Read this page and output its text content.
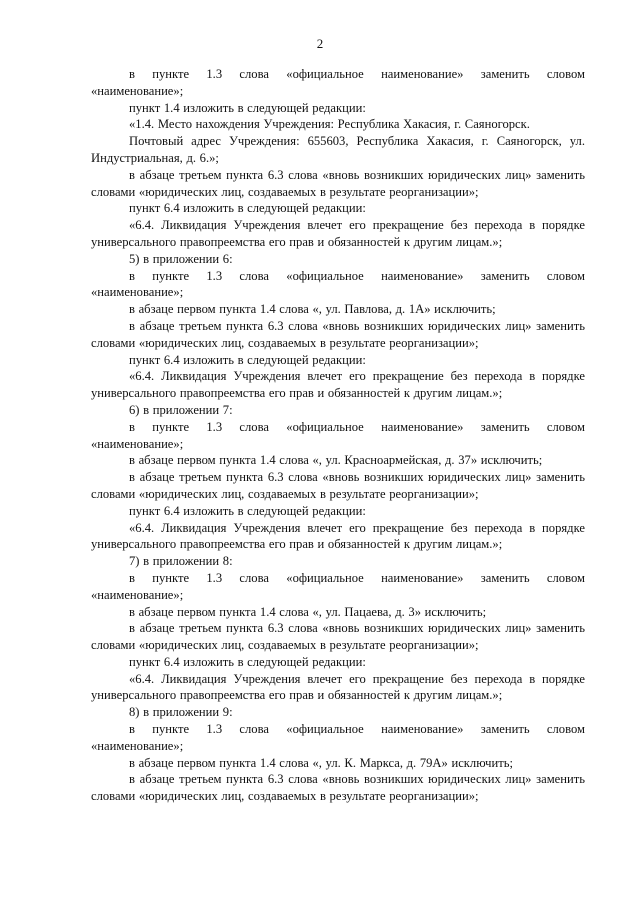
2

в пункте 1.3 слова «официальное наименование» заменить словом «наименование»;

пункт 1.4 изложить в следующей редакции:

«1.4. Место нахождения Учреждения: Республика Хакасия, г. Саяногорск.

Почтовый адрес Учреждения: 655603, Республика Хакасия, г. Саяногорск, ул. Индустриальная, д. 6.»;

в абзаце третьем пункта 6.3 слова «вновь возникших юридических лиц» заменить словами «юридических лиц, создаваемых в результате реорганизации»;

пункт 6.4 изложить в следующей редакции:

«6.4. Ликвидация Учреждения влечет его прекращение без перехода в порядке универсального правопреемства его прав и обязанностей к другим лицам.»;

5) в приложении 6:

в пункте 1.3 слова «официальное наименование» заменить словом «наименование»;

в абзаце первом пункта 1.4 слова «, ул. Павлова, д. 1А» исключить;

в абзаце третьем пункта 6.3 слова «вновь возникших юридических лиц» заменить словами «юридических лиц, создаваемых в результате реорганизации»;

пункт 6.4 изложить в следующей редакции:

«6.4. Ликвидация Учреждения влечет его прекращение без перехода в порядке универсального правопреемства его прав и обязанностей к другим лицам.»;

6) в приложении 7:

в пункте 1.3 слова «официальное наименование» заменить словом «наименование»;

в абзаце первом пункта 1.4 слова «, ул. Красноармейская, д. 37» исключить;

в абзаце третьем пункта 6.3 слова «вновь возникших юридических лиц» заменить словами «юридических лиц, создаваемых в результате реорганизации»;

пункт 6.4 изложить в следующей редакции:

«6.4. Ликвидация Учреждения влечет его прекращение без перехода в порядке универсального правопреемства его прав и обязанностей к другим лицам.»;

7) в приложении 8:

в пункте 1.3 слова «официальное наименование» заменить словом «наименование»;

в абзаце первом пункта 1.4 слова «, ул. Пацаева, д. 3» исключить;

в абзаце третьем пункта 6.3 слова «вновь возникших юридических лиц» заменить словами «юридических лиц, создаваемых в результате реорганизации»;

пункт 6.4 изложить в следующей редакции:

«6.4. Ликвидация Учреждения влечет его прекращение без перехода в порядке универсального правопреемства его прав и обязанностей к другим лицам.»;

8) в приложении 9:

в пункте 1.3 слова «официальное наименование» заменить словом «наименование»;

в абзаце первом пункта 1.4 слова «, ул. К. Маркса, д. 79А» исключить;

в абзаце третьем пункта 6.3 слова «вновь возникших юридических лиц» заменить словами «юридических лиц, создаваемых в результате реорганизации»;
